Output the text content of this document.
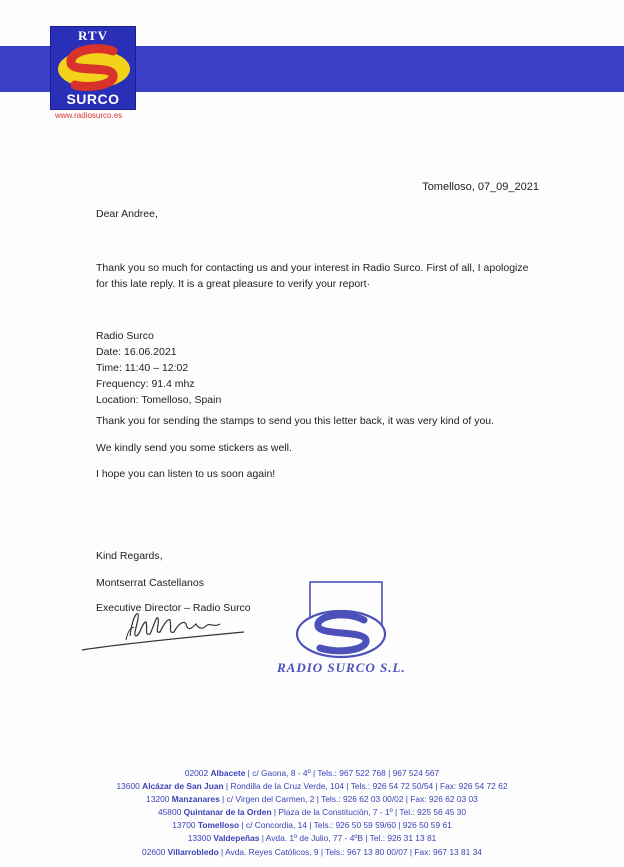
RTV
SURCO
www.radiosurco.es
Tomelloso, 07_09_2021
Dear Andree,
Thank you so much for contacting us and your interest in Radio Surco. First of all, I apologize
for this late reply. It is a great pleasure to verify your report·
Radio Surco
Date: 16.06.2021
Time: 11:40 – 12:02
Frequency: 91.4 mhz
Location: Tomelloso, Spain
Thank you for sending the stamps to send you this letter back, it was very kind of you.
We kindly send you some stickers as well.
I hope you can listen to us soon again!
Kind Regards,
Montserrat Castellanos
Executive Director – Radio Surco
RADIO SURCO S.L.
02002 Albacete | c/ Gaona, 8 - 4º | Tels.: 967 522 768 | 967 524 567
13600 Alcázar de San Juan | Rondilla de la Cruz Verde, 104 | Tels.: 926 54 72 50/54 | Fax: 926 54 72 62
13200 Manzanares | c/ Virgen del Carmen, 2 | Tels.: 926 62 03 00/02 | Fax: 926 62 03 03
45800 Quintanar de la Orden | Plaza de la Constitución, 7 - 1º | Tel.: 925 56 45 30
13700 Tomelloso | c/ Concordia, 14 | Tels.: 926 50 59 59/60 | 926 50 59 61
13300 Valdepeñas | Avda. 1º de Julio, 77 - 4ºB | Tel.: 926 31 13 81
02600 Villarrobledo | Avda. Reyes Católicos, 9 | Tels.: 967 13 80 00/07 | Fax: 967 13 81 34
